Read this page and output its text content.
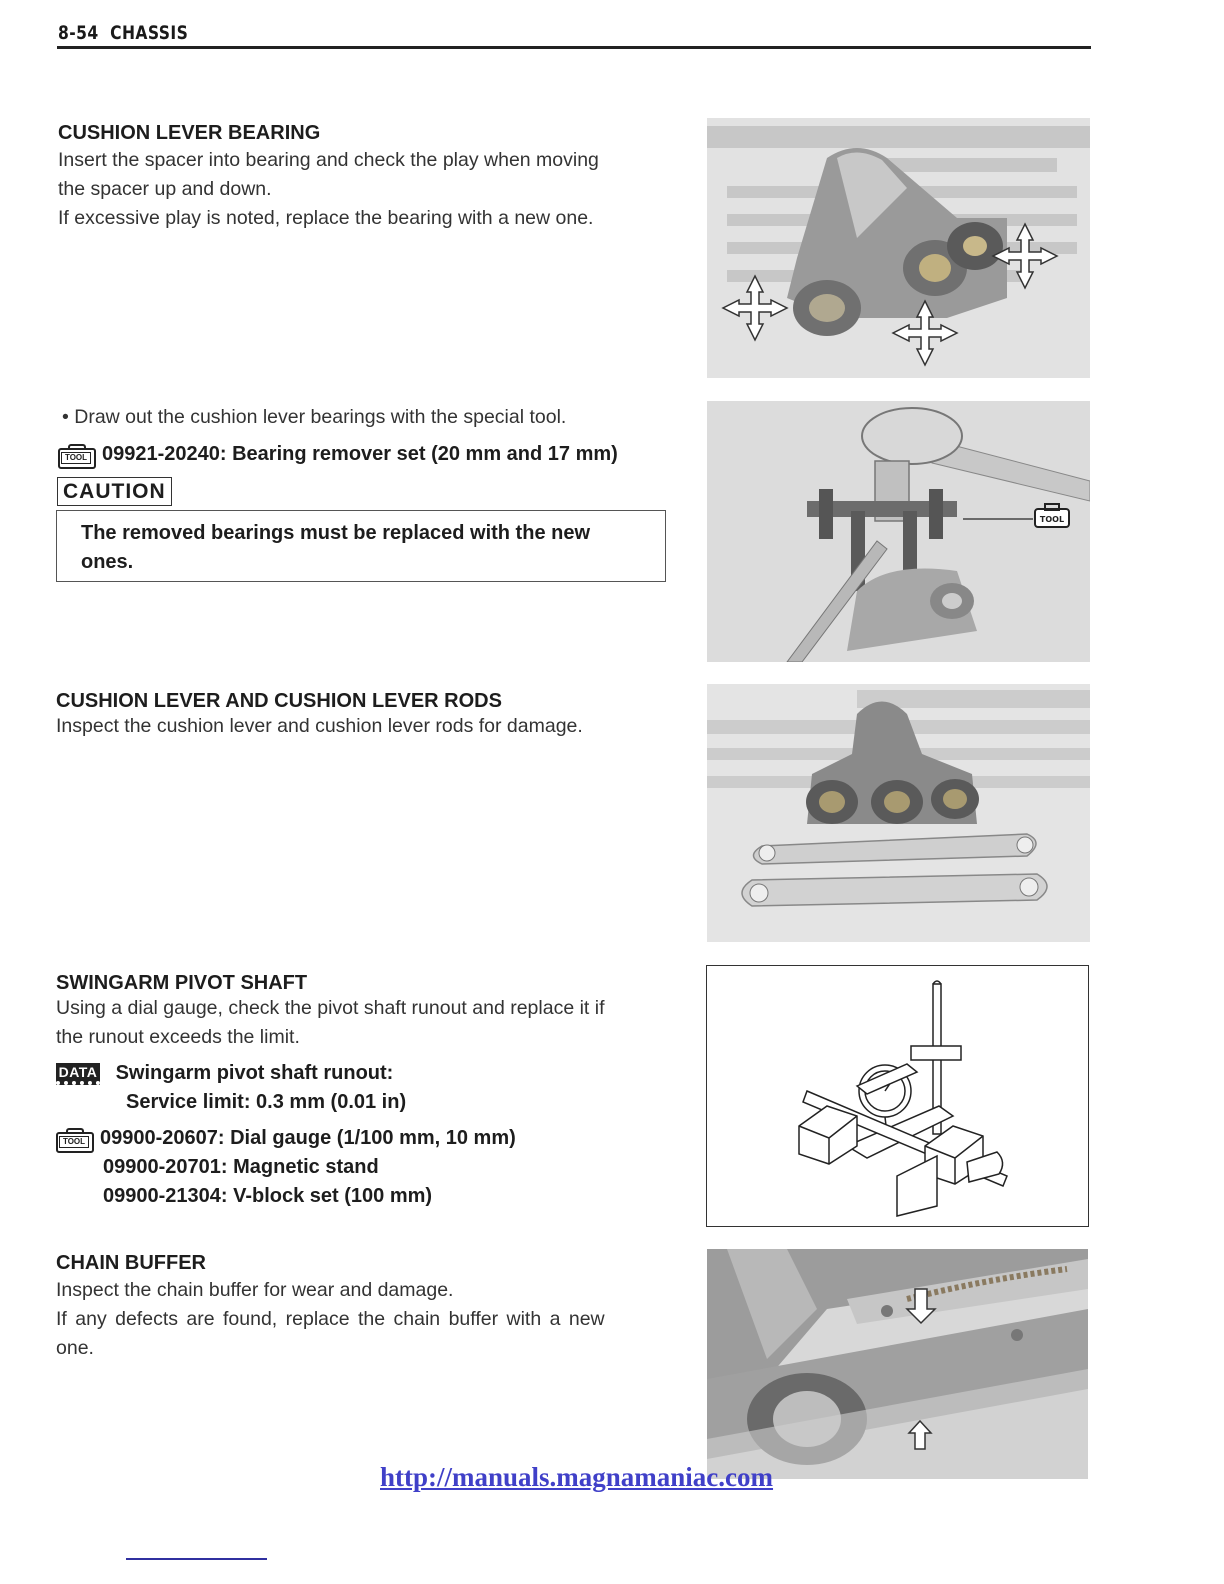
8-54 CHASSIS
CUSHION LEVER BEARING
Insert the spacer into bearing and check the play when moving
the spacer up and down.
If excessive play is noted, replace the bearing with a new one.
• Draw out the cushion lever bearings with the special tool.
TOOL 09921-20240: Bearing remover set (20 mm and 17 mm)
CAUTION
The removed bearings must be replaced with the new
ones.
TOOL
CUSHION LEVER AND CUSHION LEVER RODS
Inspect the cushion lever and cushion lever rods for damage.
SWINGARM PIVOT SHAFT
Using a dial gauge, check the pivot shaft runout and replace it if
the runout exceeds the limit.
DATA Swingarm pivot shaft runout:
Service limit: 0.3 mm (0.01 in)
TOOL 09900-20607: Dial gauge (1/100 mm, 10 mm)
09900-20701: Magnetic stand
09900-21304: V-block set (100 mm)
CHAIN BUFFER
Inspect the chain buffer for wear and damage.
If any defects are found, replace the chain buffer with a new
one.
http://manuals.magnamaniac.com
